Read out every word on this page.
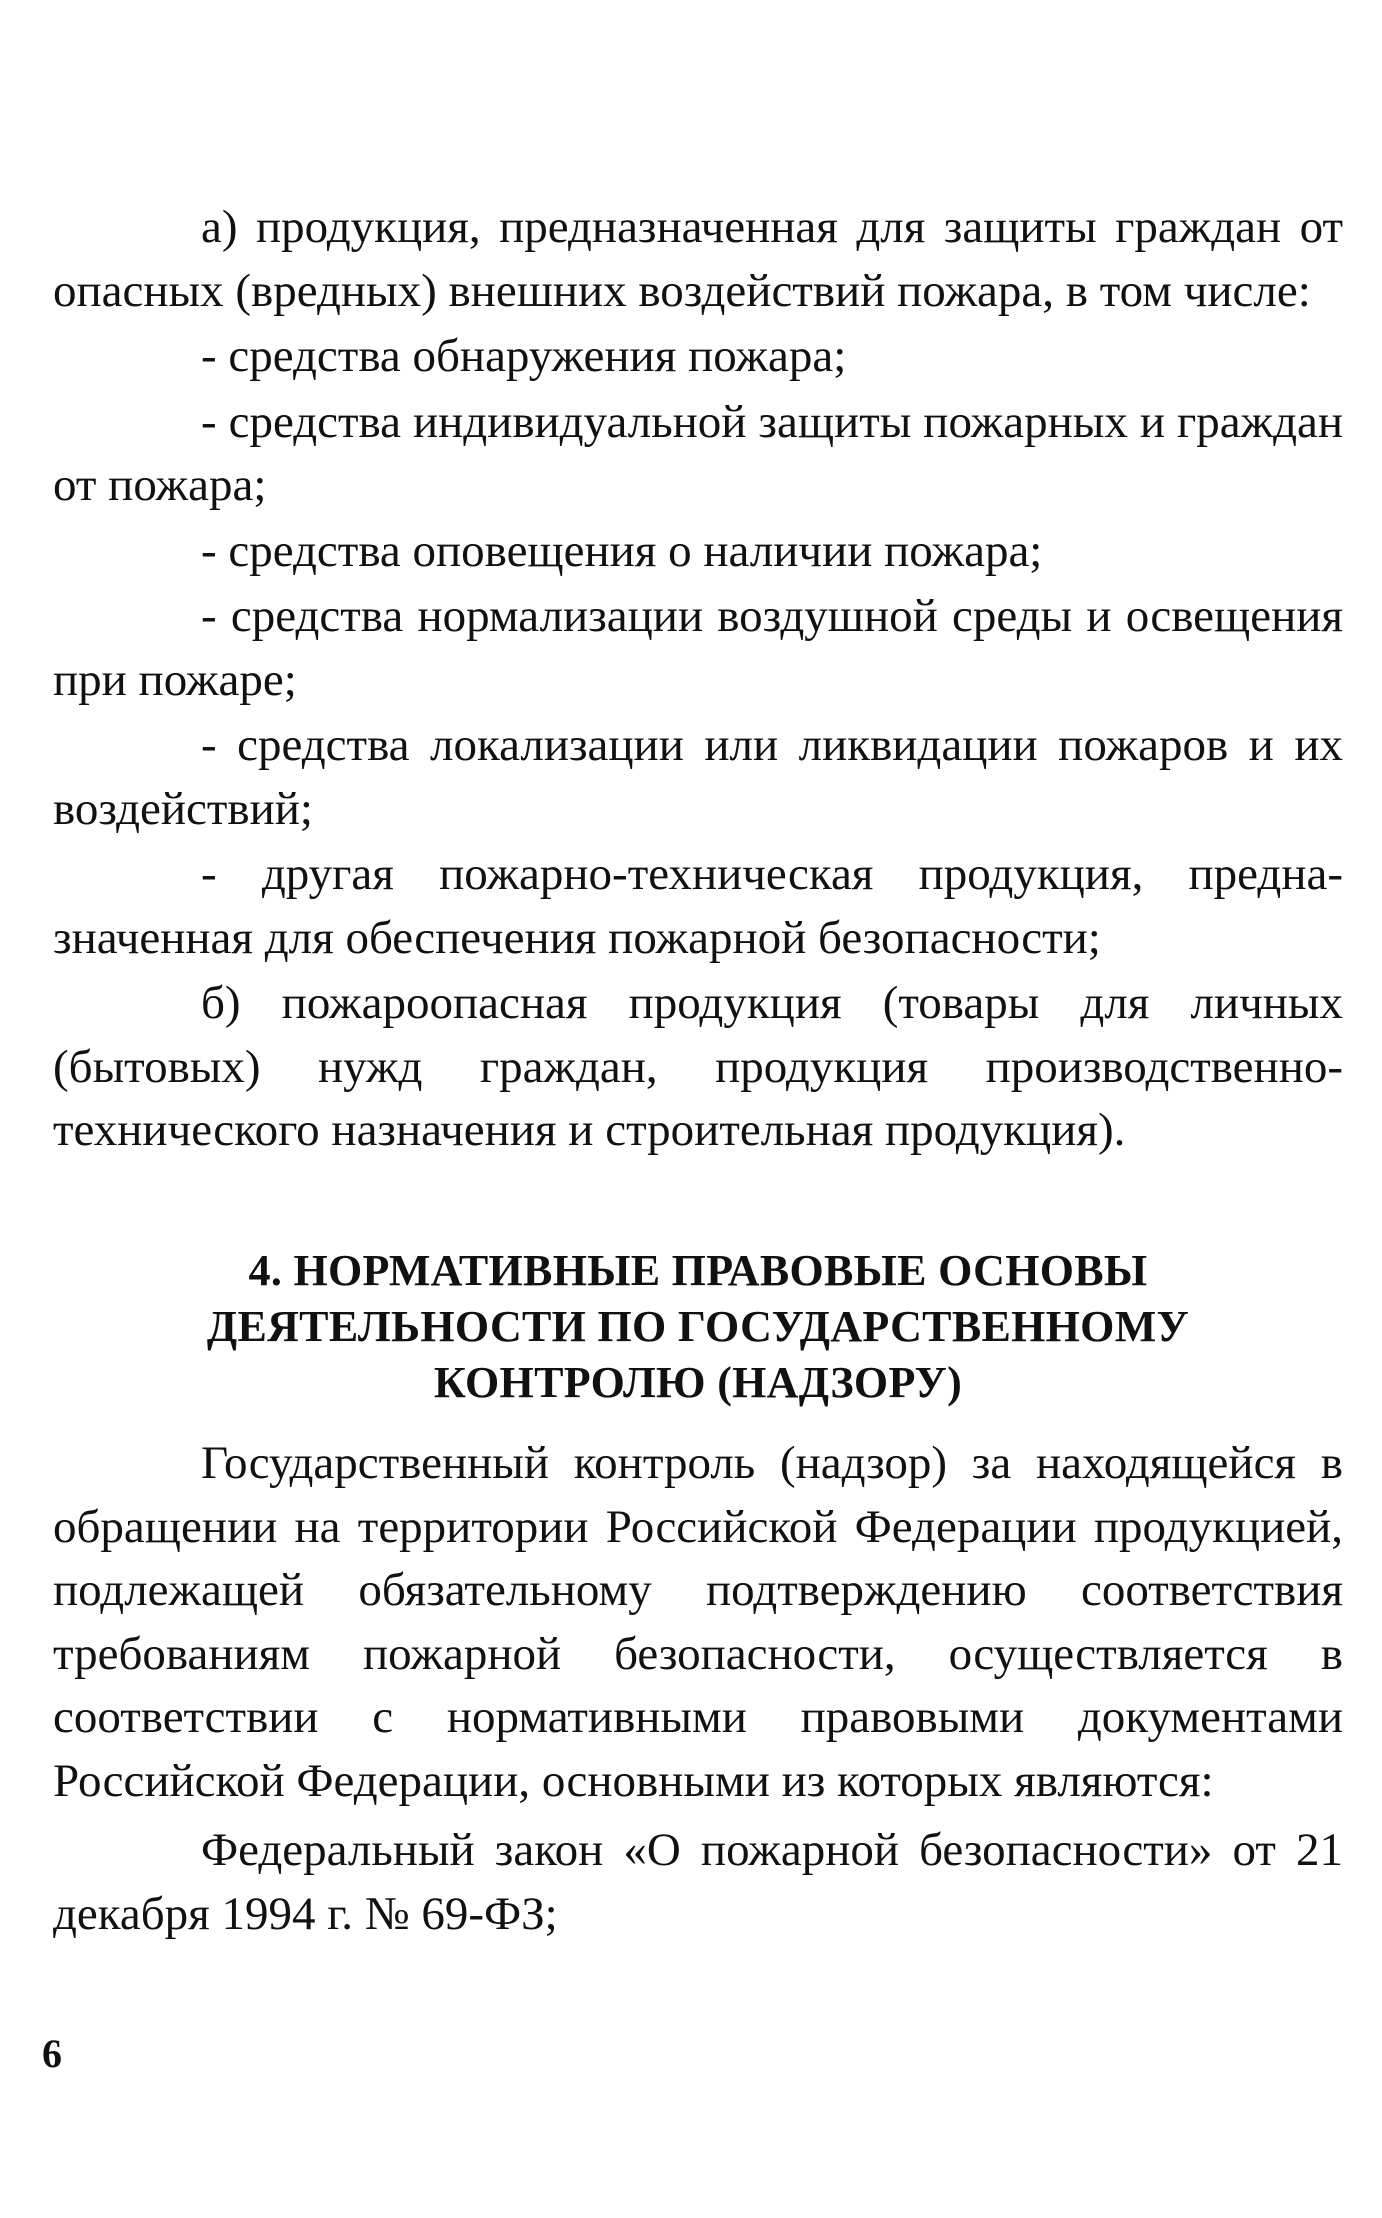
а) продукция, предназначенная для защиты граждан от опасных (вредных) внешних воздействий пожара, в том числе:

- средства обнаружения пожара;

- средства индивидуальной защиты пожарных и граждан от пожара;

- средства оповещения о наличии пожара;

- средства нормализации воздушной среды и освещения при пожаре;

- средства локализации или ликвидации пожаров и их воздействий;

- другая пожарно-техническая продукция, предназначенная для обеспечения пожарной безопасности;

б) пожароопасная продукция (товары для личных (бытовых) нужд граждан, продукция производственно-технического назначения и строительная продукция).

4. НОРМАТИВНЫЕ ПРАВОВЫЕ ОСНОВЫ
ДЕЯТЕЛЬНОСТИ ПО ГОСУДАРСТВЕННОМУ
КОНТРОЛЮ (НАДЗОРУ)

Государственный контроль (надзор) за находящейся в обращении на территории Российской Федерации продукцией, подлежащей обязательному подтверждению соответствия требованиям пожарной безопасности, осуществляется в соответствии с нормативными правовыми документами Российской Федерации, основными из которых являются:

Федеральный закон «О пожарной безопасности» от 21 декабря 1994 г. № 69-ФЗ;

6
